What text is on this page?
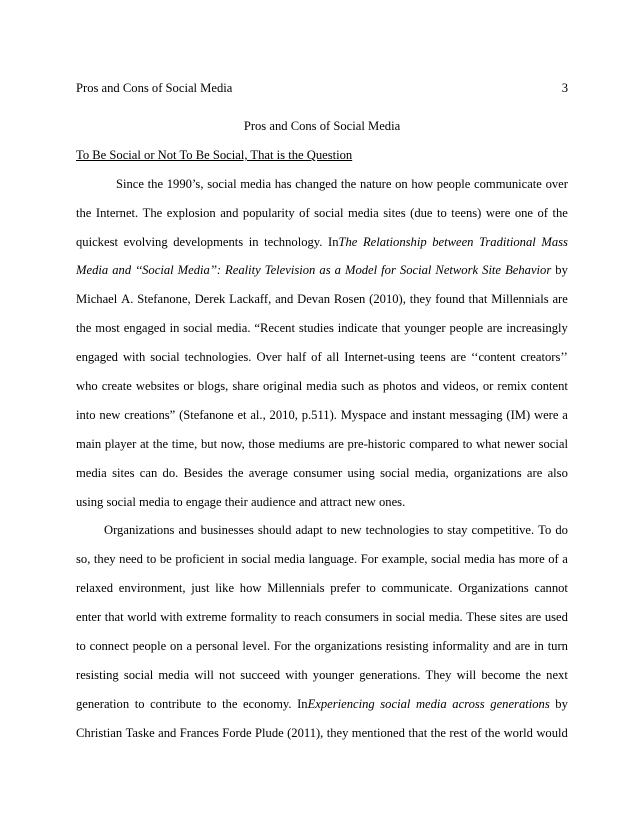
Pros and Cons of Social Media	3
Pros and Cons of Social Media
To Be Social or Not To Be Social, That is the Question
Since the 1990’s, social media has changed the nature on how people communicate over
the Internet. The explosion and popularity of social media sites (due to teens) were one of the
quickest evolving developments in technology. InThe Relationship between Traditional Mass
Media and ‘‘Social Media’’: Reality Television as a Model for Social Network Site Behavior by
Michael A. Stefanone, Derek Lackaff, and Devan Rosen (2010), they found that Millennials are
the most engaged in social media. “Recent studies indicate that younger people are increasingly
engaged with social technologies. Over half of all Internet-using teens are ‘‘content creators’’
who create websites or blogs, share original media such as photos and videos, or remix content
into new creations” (Stefanone et al., 2010, p.511). Myspace and instant messaging (IM) were a
main player at the time, but now, those mediums are pre-historic compared to what newer social
media sites can do. Besides the average consumer using social media, organizations are also
using social media to engage their audience and attract new ones.
Organizations and businesses should adapt to new technologies to stay competitive. To do
so, they need to be proficient in social media language. For example, social media has more of a
relaxed environment, just like how Millennials prefer to communicate. Organizations cannot
enter that world with extreme formality to reach consumers in social media. These sites are used
to connect people on a personal level. For the organizations resisting informality and are in turn
resisting social media will not succeed with younger generations. They will become the next
generation to contribute to the economy. InExperiencing social media across generations by
Christian Taske and Frances Forde Plude (2011), they mentioned that the rest of the world would
